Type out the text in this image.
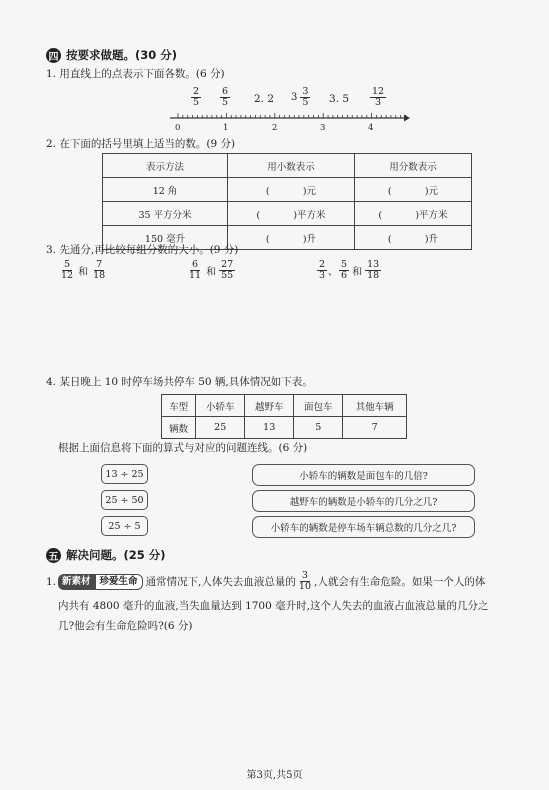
四 按要求做题。(30 分)
1. 用直线上的点表示下面各数。(6 分)
$\frac{2}{5} \frac{6}{5} 2$. 2 $3 \frac{3}{5} 3$. $5 \frac{12}{3}$
0	1	2	3	4
2. 在下面的括号里填上适当的数。(9 分)
表示方法	用小数表示	用分数表示
12 角	(           )元	(           )元
35 平方分米	(           )平方米	(           )平方米
150 毫升	(           )升	(           )升
3. 先通分,再比较每组分数的大小。(9 分)
$\frac{5}{12}$ 和 $\frac{7}{18}$	$\frac{6}{11}$ 和 $\frac{27}{55}$	$\frac{2}{3}$ 、 $\frac{5}{6}$ 和 $\frac{13}{18}$
4. 某日晚上 10 时停车场共停车 50 辆,具体情况如下表。
车型	小轿车	越野车	面包车	其他车辆
辆数	25	13	5	7
根据上面信息将下面的算式与对应的问题连线。(6 分)
13 ÷ 25
25 ÷ 50
25 ÷ 5
小轿车的辆数是面包车的几倍?
越野车的辆数是小轿车的几分之几?
小轿车的辆数是停车场车辆总数的几分之几?
五 解决问题。(25 分)
1. 新素材 珍爱生命 通常情况下,人体失去血液总量的 $\frac{3}{10}$ ,人就会有生命危险。如果一个人的体
内共有 4800 毫升的血液,当失血量达到 1700 毫升时,这个人失去的血液占血液总量的几分之
几?他会有生命危险吗?(6 分)
第3页,共5页
